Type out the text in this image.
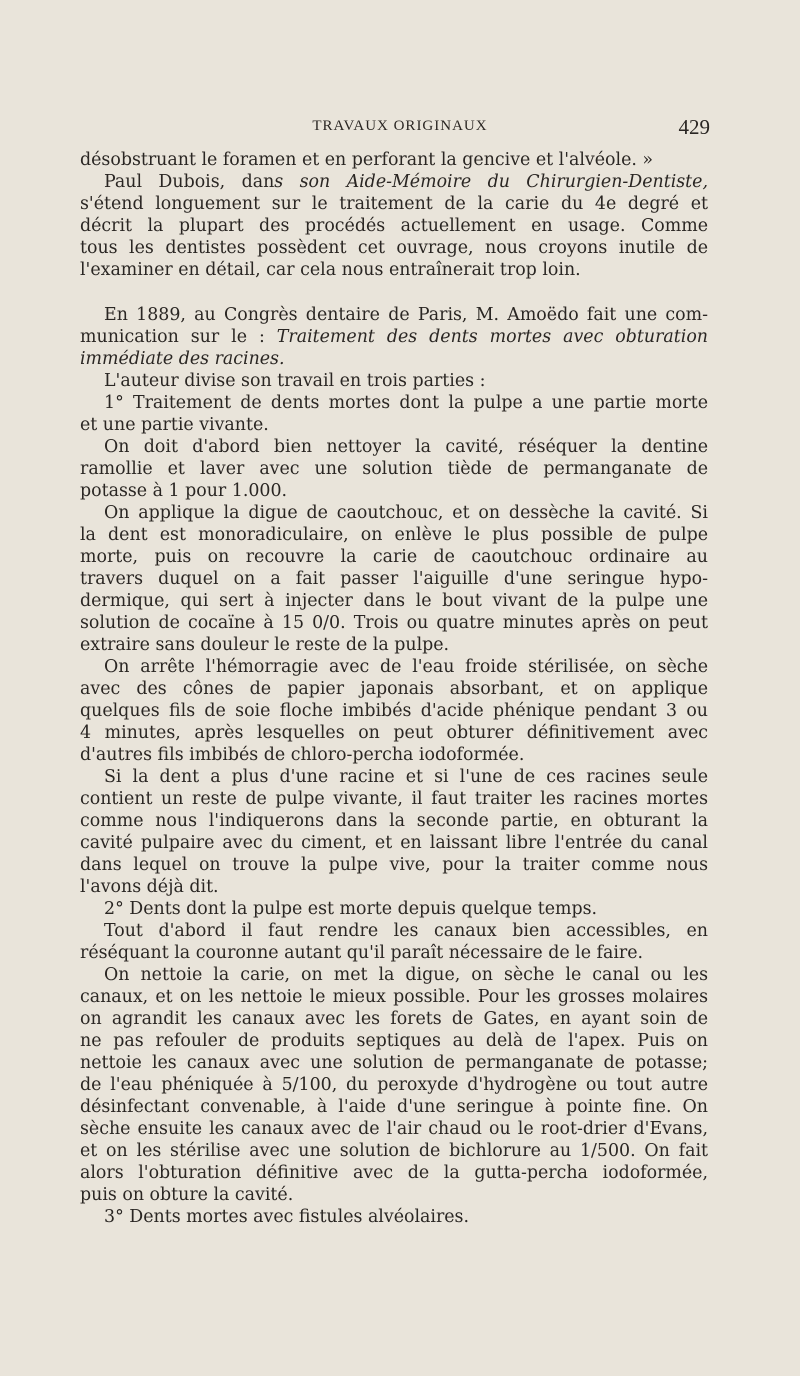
TRAVAUX ORIGINAUX	429
désobstruant le foramen et en perforant la gencive et l'alvéole. »
Paul Dubois, dans son Aide-Mémoire du Chirurgien-Dentiste,
s'étend longuement sur le traitement de la carie du 4e degré et
décrit la plupart des procédés actuellement en usage. Comme
tous les dentistes possèdent cet ouvrage, nous croyons inutile de
l'examiner en détail, car cela nous entraînerait trop loin.
En 1889, au Congrès dentaire de Paris, M. Amoëdo fait une com-
munication sur le : Traitement des dents mortes avec obturation
immédiate des racines.
L'auteur divise son travail en trois parties :
1° Traitement de dents mortes dont la pulpe a une partie morte
et une partie vivante.
On doit d'abord bien nettoyer la cavité, réséquer la dentine
ramollie et laver avec une solution tiède de permanganate de
potasse à 1 pour 1.000.
On applique la digue de caoutchouc, et on dessèche la cavité. Si
la dent est monoradiculaire, on enlève le plus possible de pulpe
morte, puis on recouvre la carie de caoutchouc ordinaire au
travers duquel on a fait passer l'aiguille d'une seringue hypo-
dermique, qui sert à injecter dans le bout vivant de la pulpe une
solution de cocaïne à 15 0/0. Trois ou quatre minutes après on peut
extraire sans douleur le reste de la pulpe.
On arrête l'hémorragie avec de l'eau froide stérilisée, on sèche
avec des cônes de papier japonais absorbant, et on applique
quelques fils de soie floche imbibés d'acide phénique pendant 3 ou
4 minutes, après lesquelles on peut obturer définitivement avec
d'autres fils imbibés de chloro-percha iodoformée.
Si la dent a plus d'une racine et si l'une de ces racines seule
contient un reste de pulpe vivante, il faut traiter les racines mortes
comme nous l'indiquerons dans la seconde partie, en obturant la
cavité pulpaire avec du ciment, et en laissant libre l'entrée du canal
dans lequel on trouve la pulpe vive, pour la traiter comme nous
l'avons déjà dit.
2° Dents dont la pulpe est morte depuis quelque temps.
Tout d'abord il faut rendre les canaux bien accessibles, en
réséquant la couronne autant qu'il paraît nécessaire de le faire.
On nettoie la carie, on met la digue, on sèche le canal ou les
canaux, et on les nettoie le mieux possible. Pour les grosses molaires
on agrandit les canaux avec les forets de Gates, en ayant soin de
ne pas refouler de produits septiques au delà de l'apex. Puis on
nettoie les canaux avec une solution de permanganate de potasse;
de l'eau phéniquée à 5/100, du peroxyde d'hydrogène ou tout autre
désinfectant convenable, à l'aide d'une seringue à pointe fine. On
sèche ensuite les canaux avec de l'air chaud ou le root-drier d'Evans,
et on les stérilise avec une solution de bichlorure au 1/500. On fait
alors l'obturation définitive avec de la gutta-percha iodoformée,
puis on obture la cavité.
3° Dents mortes avec fistules alvéolaires.
